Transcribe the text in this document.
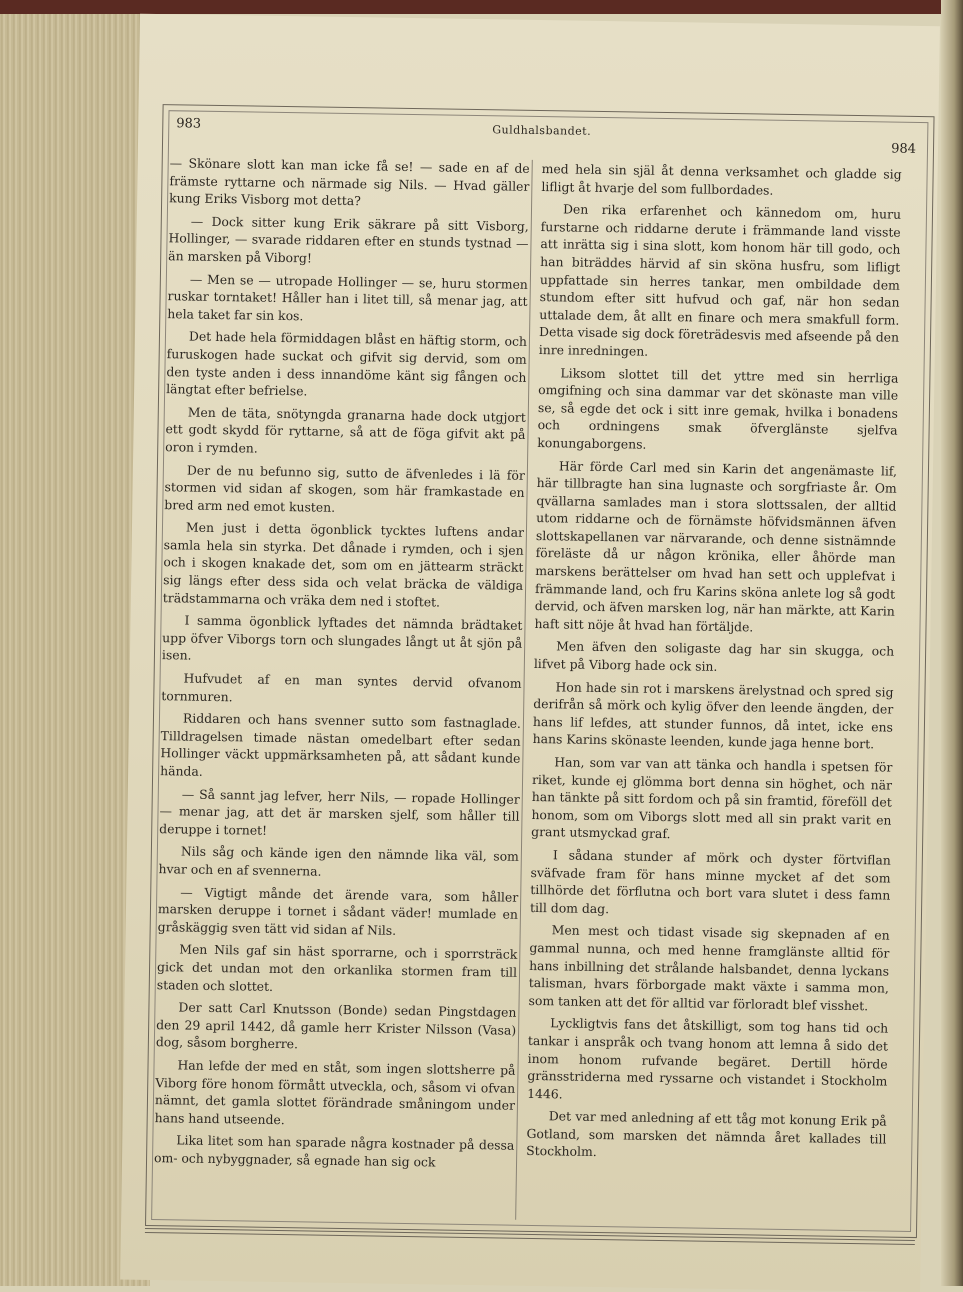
983	Guldhalsbandet.
984

— Skönare slott kan man icke få se! — sade en af de främste ryttarne och närmade sig Nils. — Hvad gäller kung Eriks Visborg mot detta?

— Dock sitter kung Erik säkrare på sitt Visborg, Hollinger, — svarade riddaren efter en stunds tystnad — än marsken på Viborg!

— Men se — utropade Hollinger — se, huru stormen ruskar torntaket! Håller han i litet till, så menar jag, att hela taket far sin kos.

Det hade hela förmiddagen blåst en häftig storm, och furuskogen hade suckat och gifvit sig dervid, som om den tyste anden i dess innandöme känt sig fången och längtat efter befrielse.

Men de täta, snötyngda granarna hade dock utgjort ett godt skydd för ryttarne, så att de föga gifvit akt på oron i rymden.

Der de nu befunno sig, sutto de äfvenledes i lä för stormen vid sidan af skogen, som här framkastade en bred arm ned emot kusten.

Men just i detta ögonblick tycktes luftens andar samla hela sin styrka. Det dånade i rymden, och i sjen och i skogen knakade det, som om en jättearm sträckt sig längs efter dess sida och velat bräcka de väldiga trädstammarna och vräka dem ned i stoftet.

I samma ögonblick lyftades det nämnda brädtaket upp öfver Viborgs torn och slungades långt ut åt sjön på isen.

Hufvudet af en man syntes dervid ofvanom tornmuren.

Riddaren och hans svenner sutto som fastnaglade. Tilldragelsen timade nästan omedelbart efter sedan Hollinger väckt uppmärksamheten på, att sådant kunde hända.

— Så sannt jag lefver, herr Nils, — ropade Hollinger — menar jag, att det är marsken sjelf, som håller till deruppe i tornet!

Nils såg och kände igen den nämnde lika väl, som hvar och en af svennerna.

— Vigtigt månde det ärende vara, som håller marsken deruppe i tornet i sådant väder! mumlade en gråskäggig sven tätt vid sidan af Nils.

Men Nils gaf sin häst sporrarne, och i sporrsträck gick det undan mot den orkanlika stormen fram till staden och slottet.

Der satt Carl Knutsson (Bonde) sedan Pingstdagen den 29 april 1442, då gamle herr Krister Nilsson (Vasa) dog, såsom borgherre.

Han lefde der med en ståt, som ingen slottsherre på Viborg före honom förmått utveckla, och, såsom vi ofvan nämnt, det gamla slottet förändrade småningom under hans hand utseende.

Lika litet som han sparade några kostnader på dessa om- och nybyggnader, så egnade han sig ock

med hela sin själ åt denna verksamhet och gladde sig lifligt åt hvarje del som fullbordades.

Den rika erfarenhet och kännedom om, huru furstarne och riddarne derute i främmande land visste att inrätta sig i sina slott, kom honom här till godo, och han biträddes härvid af sin sköna husfru, som lifligt uppfattade sin herres tankar, men ombildade dem stundom efter sitt hufvud och gaf, när hon sedan uttalade dem, åt allt en finare och mera smakfull form. Detta visade sig dock företrädesvis med afseende på den inre inredningen.

Liksom slottet till det yttre med sin herrliga omgifning och sina dammar var det skönaste man ville se, så egde det ock i sitt inre gemak, hvilka i bonadens och ordningens smak öfverglänste sjelfva konungaborgens.

Här förde Carl med sin Karin det angenämaste lif, här tillbragte han sina lugnaste och sorgfriaste år. Om qvällarna samlades man i stora slottssalen, der alltid utom riddarne och de förnämste höfvidsmännen äfven slottskapellanen var närvarande, och denne sistnämnde föreläste då ur någon krönika, eller åhörde man marskens berättelser om hvad han sett och upplefvat i främmande land, och fru Karins sköna anlete log så godt dervid, och äfven marsken log, när han märkte, att Karin haft sitt nöje åt hvad han förtäljde.

Men äfven den soligaste dag har sin skugga, och lifvet på Viborg hade ock sin.

Hon hade sin rot i marskens ärelystnad och spred sig derifrån så mörk och kylig öfver den leende ängden, der hans lif lefdes, att stunder funnos, då intet, icke ens hans Karins skönaste leenden, kunde jaga henne bort.

Han, som var van att tänka och handla i spetsen för riket, kunde ej glömma bort denna sin höghet, och när han tänkte på sitt fordom och på sin framtid, föreföll det honom, som om Viborgs slott med all sin prakt varit en grant utsmyckad graf.

I sådana stunder af mörk och dyster förtviflan sväfvade fram för hans minne mycket af det som tillhörde det förflutna och bort vara slutet i dess famn till dom dag.

Men mest och tidast visade sig skepnaden af en gammal nunna, och med henne framglänste alltid för hans inbillning det strålande halsbandet, denna lyckans talisman, hvars förborgade makt växte i samma mon, som tanken att det för alltid var förloradt blef visshet.

Lyckligtvis fans det åtskilligt, som tog hans tid och tankar i anspråk och tvang honom att lemna å sido det inom honom rufvande begäret. Dertill hörde gränsstriderna med ryssarne och vistandet i Stockholm 1446.

Det var med anledning af ett tåg mot konung Erik på Gotland, som marsken det nämnda året kallades till Stockholm.
